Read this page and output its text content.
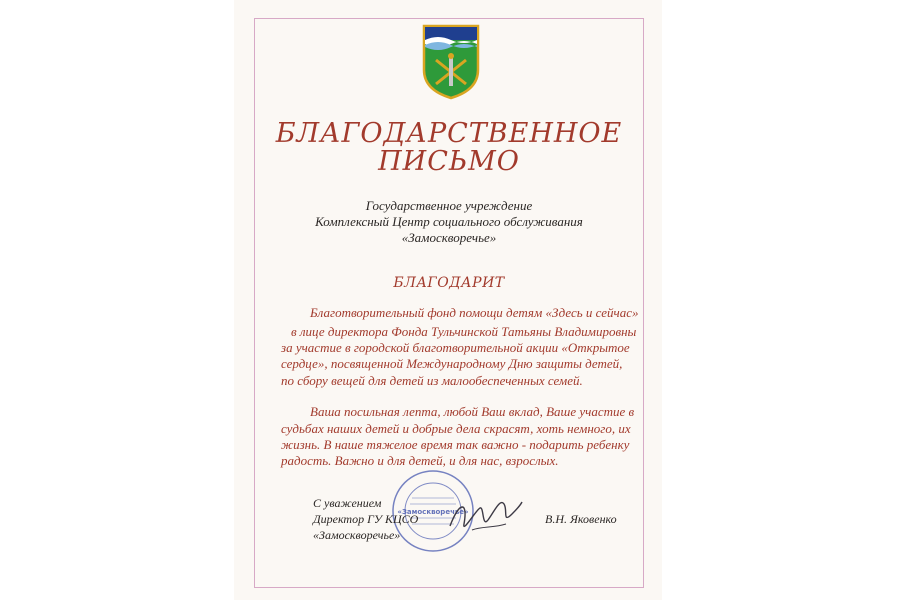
БЛАГОДАРСТВЕННОЕ
ПИСЬМО
Государственное учреждение
Комплексный Центр социального обслуживания
«Замоскворечье»
БЛАГОДАРИТ
Благотворительный фонд помощи детям «Здесь и сейчас»
в лице директора Фонда Тульчинской Татьяны Владимировны
за участие в городской благотворительной акции «Открытое
сердце», посвященной Международному Дню защиты детей,
по сбору вещей для детей из малообеспеченных семей.
Ваша посильная лепта, любой Ваш вклад, Ваше участие в
судьбах наших детей и добрые дела скрасят, хоть немного, их
жизнь. В наше тяжелое время так важно - подарить ребенку
радость. Важно и для детей, и для нас, взрослых.
«Замоскворечье»
С уважением
Директор ГУ КЦСО
«Замоскворечье»
В.Н. Яковенко
